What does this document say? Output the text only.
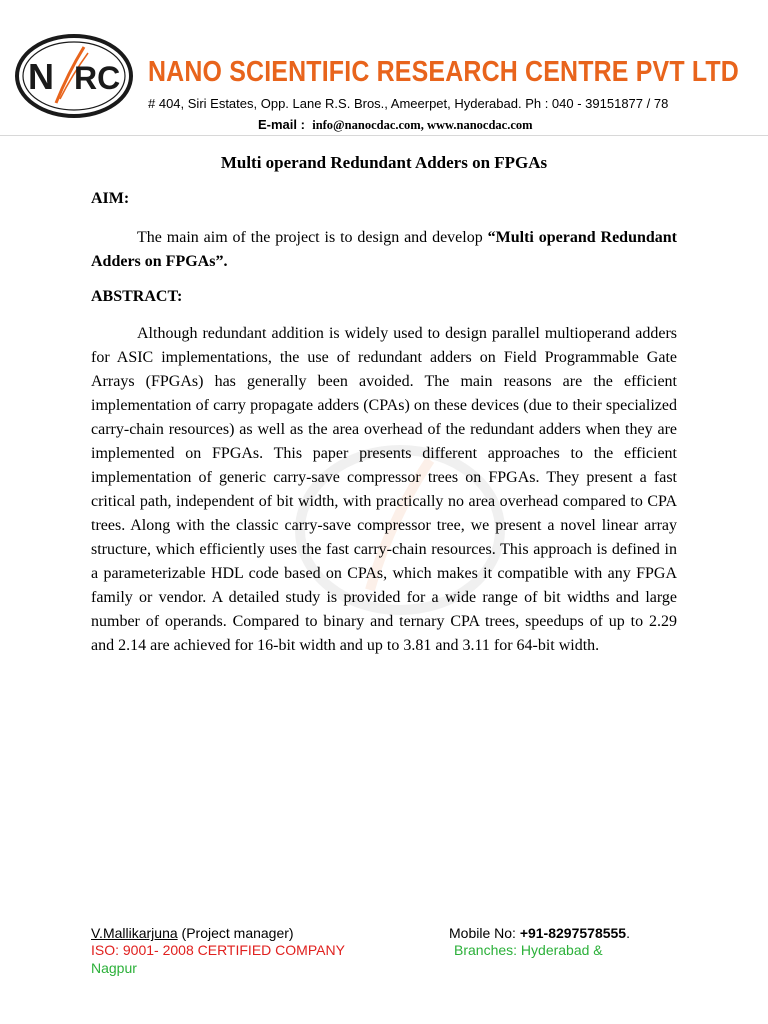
N RC NANO SCIENTIFIC RESEARCH CENTRE PVT LTD
# 404, Siri Estates, Opp. Lane R.S. Bros., Ameerpet, Hyderabad. Ph : 040 - 39151877 / 78
E-mail : info@nanocdac.com, www.nanocdac.com
Multi operand Redundant Adders on FPGAs
AIM:
The main aim of the project is to design and develop “Multi operand Redundant Adders on FPGAs”.
ABSTRACT:
Although redundant addition is widely used to design parallel multioperand adders for ASIC implementations, the use of redundant adders on Field Programmable Gate Arrays (FPGAs) has generally been avoided. The main reasons are the efficient implementation of carry propagate adders (CPAs) on these devices (due to their specialized carry-chain resources) as well as the area overhead of the redundant adders when they are implemented on FPGAs. This paper presents different approaches to the efficient implementation of generic carry-save compressor trees on FPGAs. They present a fast critical path, independent of bit width, with practically no area overhead compared to CPA trees. Along with the classic carry-save compressor tree, we present a novel linear array structure, which efficiently uses the fast carry-chain resources. This approach is defined in a parameterizable HDL code based on CPAs, which makes it compatible with any FPGA family or vendor. A detailed study is provided for a wide range of bit widths and large number of operands. Compared to binary and ternary CPA trees, speedups of up to 2.29 and 2.14 are achieved for 16-bit width and up to 3.81 and 3.11 for 64-bit width.
V.Mallikarjuna (Project manager)	Mobile No: +91-8297578555.
ISO: 9001- 2008 CERTIFIED COMPANY	Branches: Hyderabad &
Nagpur
